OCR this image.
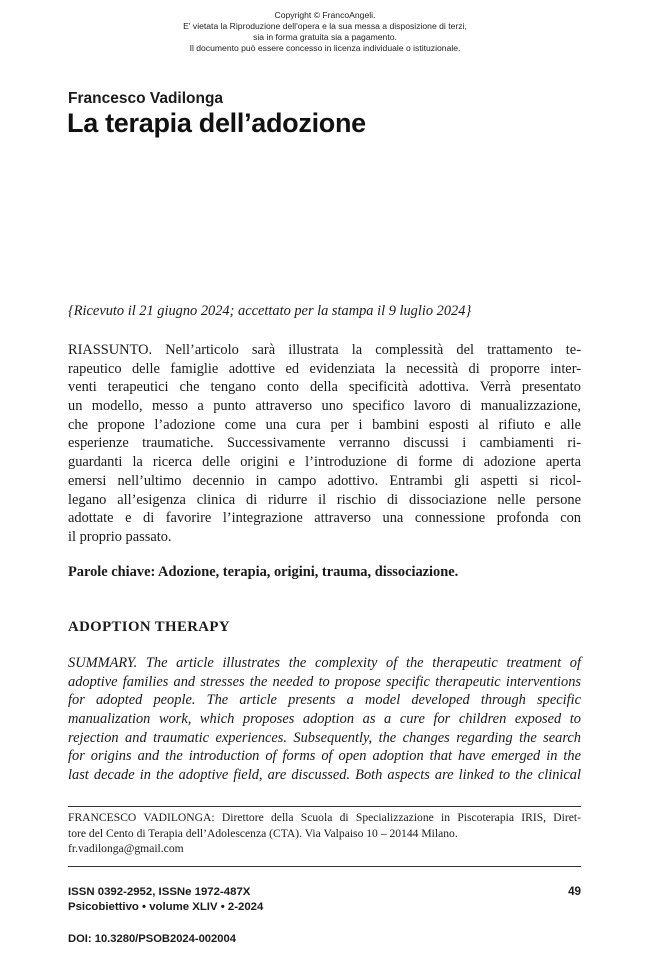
Copyright © FrancoAngeli.
E' vietata la Riproduzione dell'opera e la sua messa a disposizione di terzi,
sia in forma gratuita sia a pagamento.
Il documento può essere concesso in licenza individuale o istituzionale.
Francesco Vadilonga
La terapia dell’adozione
{Ricevuto il 21 giugno 2024; accettato per la stampa il 9 luglio 2024}
RIASSUNTO. Nell’articolo sarà illustrata la complessità del trattamento te-
rapeutico delle famiglie adottive ed evidenziata la necessità di proporre inter-
venti terapeutici che tengano conto della specificità adottiva. Verrà presentato
un modello, messo a punto attraverso uno specifico lavoro di manualizzazione,
che propone l’adozione come una cura per i bambini esposti al rifiuto e alle
esperienze traumatiche. Successivamente verranno discussi i cambiamenti ri-
guardanti la ricerca delle origini e l’introduzione di forme di adozione aperta
emersi nell’ultimo decennio in campo adottivo. Entrambi gli aspetti si ricol-
legano all’esigenza clinica di ridurre il rischio di dissociazione nelle persone
adottate e di favorire l’integrazione attraverso una connessione profonda con
il proprio passato.
Parole chiave: Adozione, terapia, origini, trauma, dissociazione.
ADOPTION THERAPY
SUMMARY. The article illustrates the complexity of the therapeutic treatment of
adoptive families and stresses the needed to propose specific therapeutic interventions
for adopted people. The article presents a model developed through specific
manualization work, which proposes adoption as a cure for children exposed to
rejection and traumatic experiences. Subsequently, the changes regarding the search
for origins and the introduction of forms of open adoption that have emerged in the
last decade in the adoptive field, are discussed. Both aspects are linked to the clinical
FRANCESCO VADILONGA: Direttore della Scuola di Specializzazione in Piscoterapia IRIS, Diret-
tore del Cento di Terapia dell’Adolescenza (CTA). Via Valpaiso 10 – 20144 Milano.
fr.vadilonga@gmail.com
ISSN 0392-2952, ISSNe 1972-487X
Psicobiettivo • volume XLIV • 2-2024
49
DOI: 10.3280/PSOB2024-002004
